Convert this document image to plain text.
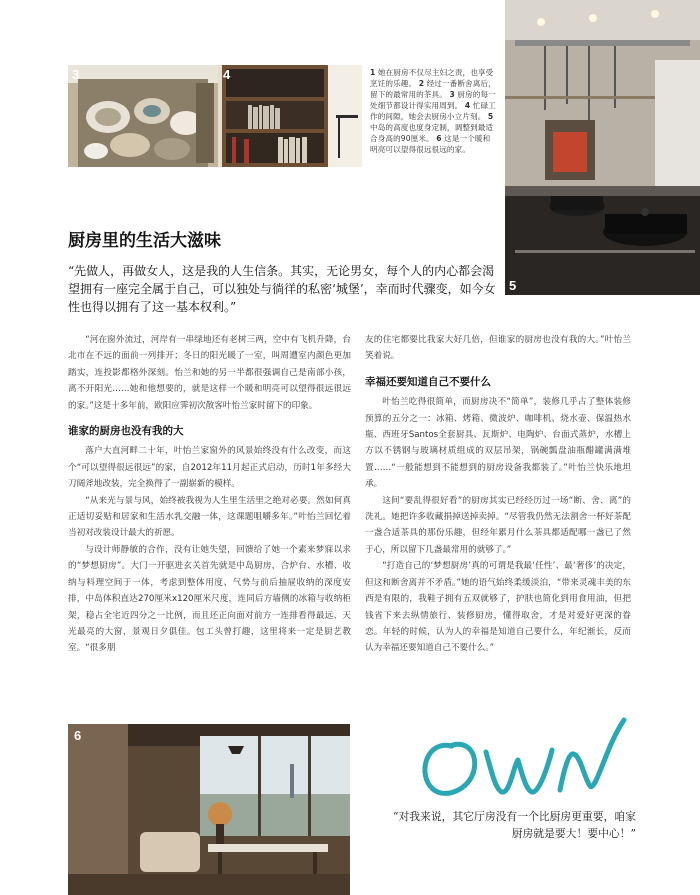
3	4	1 她在厨房不仅尽主妇之责，也享受烹饪的乐趣。 2 经过一番断舍离后，留下的最常用的茶具。 3 厨房的每一处细节都设计得实用周到。 4 忙碌工作的间隙，她会去厨房小立片刻。 5 中岛的高度也度身定制，调整到最适合身高的90厘米。 6 这是一个暖和明亮可以望得很远很远的家。
5
厨房里的生活大滋味
“先做人，再做女人，这是我的人生信条。其实，无论男女，每个人的内心都会渴望拥有一座完全属于自己，可以独处与徜徉的私密‘城堡’，幸而时代骤变，如今女性也得以拥有了这一基本权利。”

“河在窗外流过，河岸有一串绿地还有老树三两，空中有飞机升降，台北市在不远的面前一列排开；冬日的阳光暖了一室，叫周遭室内颜色更加踏实，连投影都格外深刻。怡兰和她的另一半都很强调自己是南部小孩，离不开阳光……她和他想要的，就是这样一个暖和明亮可以望得很远很远的家。”这是十多年前，欧阳应霁初次散客叶怡兰家时留下的印象。

谁家的厨房也没有我的大

落户大直河畔二十年，叶怡兰家窗外的风景始终没有什么改变，而这个“可以望得很远很远”的家，自2012年11月起正式启动，历时1年多经大刀阔斧地改装，完全换得了一副崭新的模样。

“从来光与景与风，始终被我视为人生里生活里之绝对必要。然如何真正适切妥贴和居家和生活水乳交融一体，这课题咀嚼多年。”叶怡兰回忆着当初对改装设计最大的祈愿。

与设计师静敏的合作，没有让她失望，回馈给了她一个素来梦寐以求的“梦想厨房”。大门一开驱进玄关首先就是中岛厨房，合炉台、水槽、收纳与料理空间于一体，考虑到整体用度、气势与前后抽屉收纳的深度安排，中岛体积直达270厘米x120厘米尺度，连同后方墙侧的冰箱与收纳柜架，稳占全宅近四分之一比例，而且还正向面对前方一连排看得最远、天光最亮的大窗，景观日夕俱佳。包工头曾打趣，这里将来一定是厨艺教室。“很多朋

友的住宅都要比我家大好几倍，但谁家的厨房也没有我的大。”叶怡兰笑着说。

幸福还要知道自己不要什么

叶怡兰吃得很简单，而厨房决不“简单”，装修几乎占了整体装修预算的五分之一：冰箱、烤箱、微波炉、咖啡机、烧水壶、保温热水瓶、西班牙Santos全套厨具、瓦斯炉、电陶炉、台面式蒸炉，水槽上方以不锈钢与玻璃材质组成的双层吊架，锅碗瓢盘油瓶醋罐满满堆置……“一般能想到不能想到的厨房设备我都装了。”叶怡兰快乐地坦承。

这间“要乱得很好看”的厨房其实已经经历过一场“断、舍、离”的洗礼。她把许多收藏捐掉送掉卖掉。“尽管我仍然无法割舍一杯好茶配一盏合适茶具的那份乐趣，但经年累月什么茶具都适配哪一盏已了然于心，所以留下几盏最常用的就够了。”

“打造自己的‘梦想厨房’真的可谓是我最‘任性’、最‘奢侈’的决定，但这和断舍离并不矛盾。”她的语气始终柔缓淡泊，“带来灵魂丰美的东西是有限的，我鞋子拥有五双就够了，护肤也简化到用食用油，但把钱省下来去纵情旅行、装修厨房，懂得取舍，才是对爱好更深的眷恋。年轻的时候，认为人的幸福是知道自己要什么，年纪渐长，反而认为幸福还要知道自己不要什么。”

6
“对我来说，其它厅房没有一个比厨房更重要，咱家厨房就是要大！要中心！”
